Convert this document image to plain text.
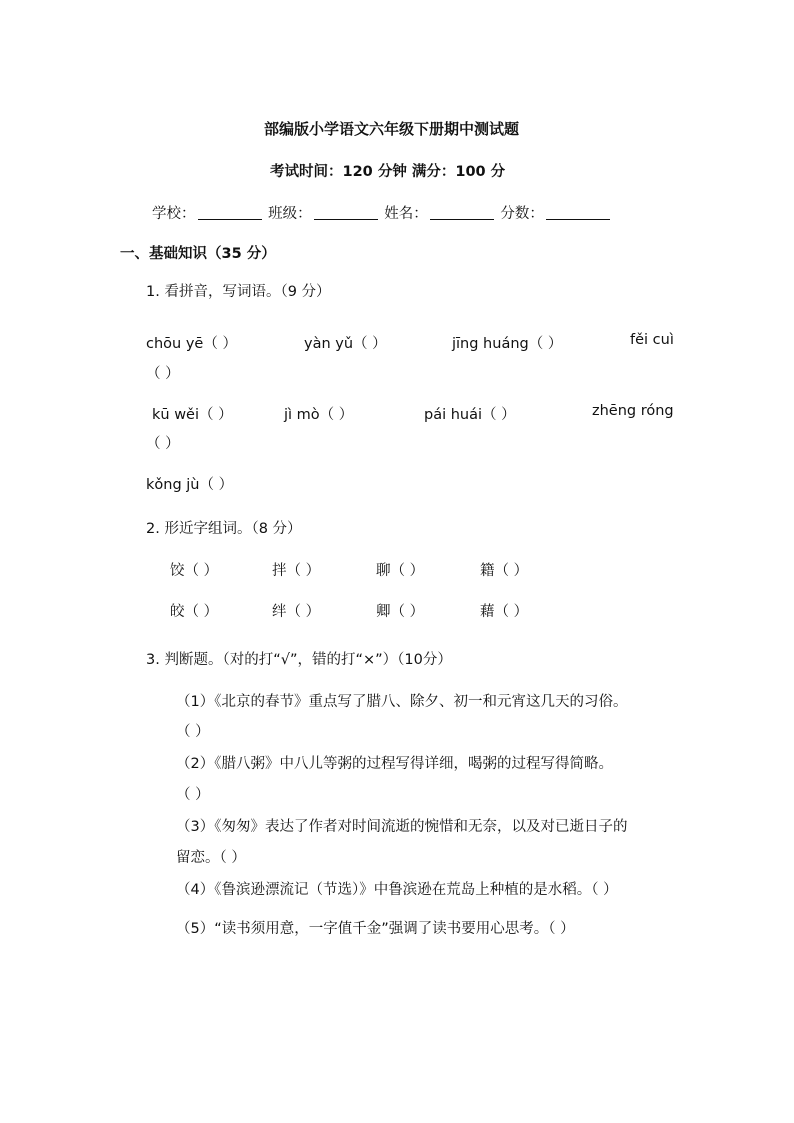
部编版小学语文六年级下册期中测试题
考试时间：120 分钟 满分：100 分
学校：	班级：	姓名：	分数：
一、基础知识（35 分）
1. 看拼音，写词语。（9 分）
chōu yē（ ）	yàn yǔ（ ）	jīng huáng（ ）	fěi cuì
（ ）
kū wěi（ ）	jì mò（ ）	pái huái（ ）	zhēng róng
（ ）
kǒng jù（ ）
2. 形近字组词。（8 分）
饺（ ）	拌（ ）	聊（ ）	籍（ ）
皎（ ）	绊（ ）	卿（ ）	藉（ ）
3. 判断题。（对的打“√”，错的打“×”）（10分）
（1）《北京的春节》重点写了腊八、除夕、初一和元宵这几天的习俗。
（ ）
（2）《腊八粥》中八儿等粥的过程写得详细，喝粥的过程写得简略。
（ ）
（3）《匆匆》表达了作者对时间流逝的惋惜和无奈，以及对已逝日子的
留恋。（ ）
（4）《鲁滨逊漂流记（节选）》中鲁滨逊在荒岛上种植的是水稻。（ ）
（5）“读书须用意，一字值千金”强调了读书要用心思考。（ ）
